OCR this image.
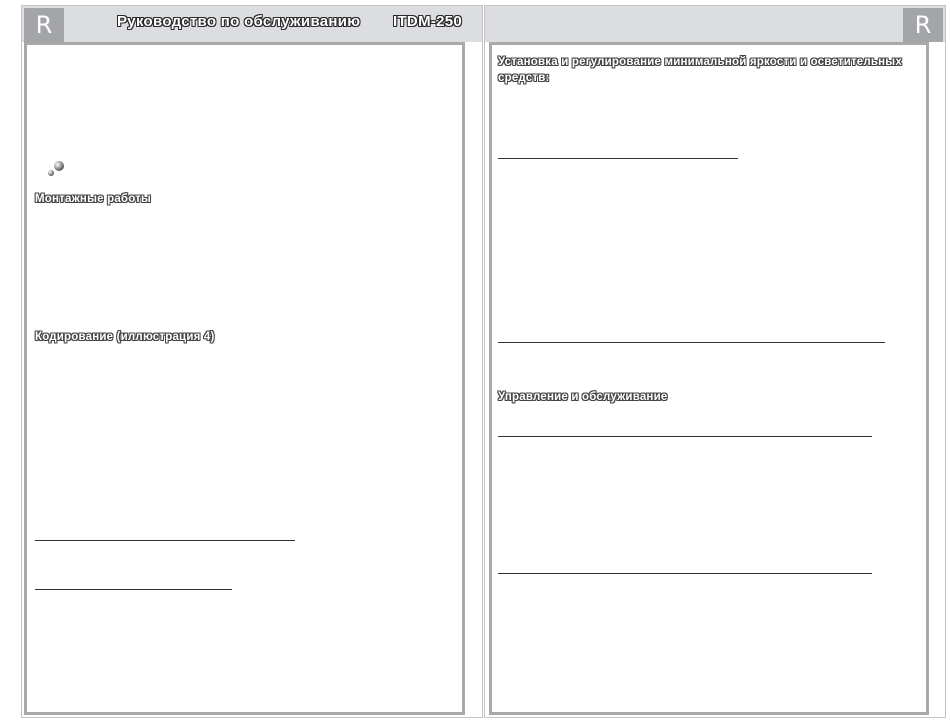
R	Руководство по обслуживанию ITDM-250
Монтажные работы
Кодирование (иллюстрация 4)
R
Установка и регулирование минимальной яркости и осветительных средств:
Управление и обслуживание
